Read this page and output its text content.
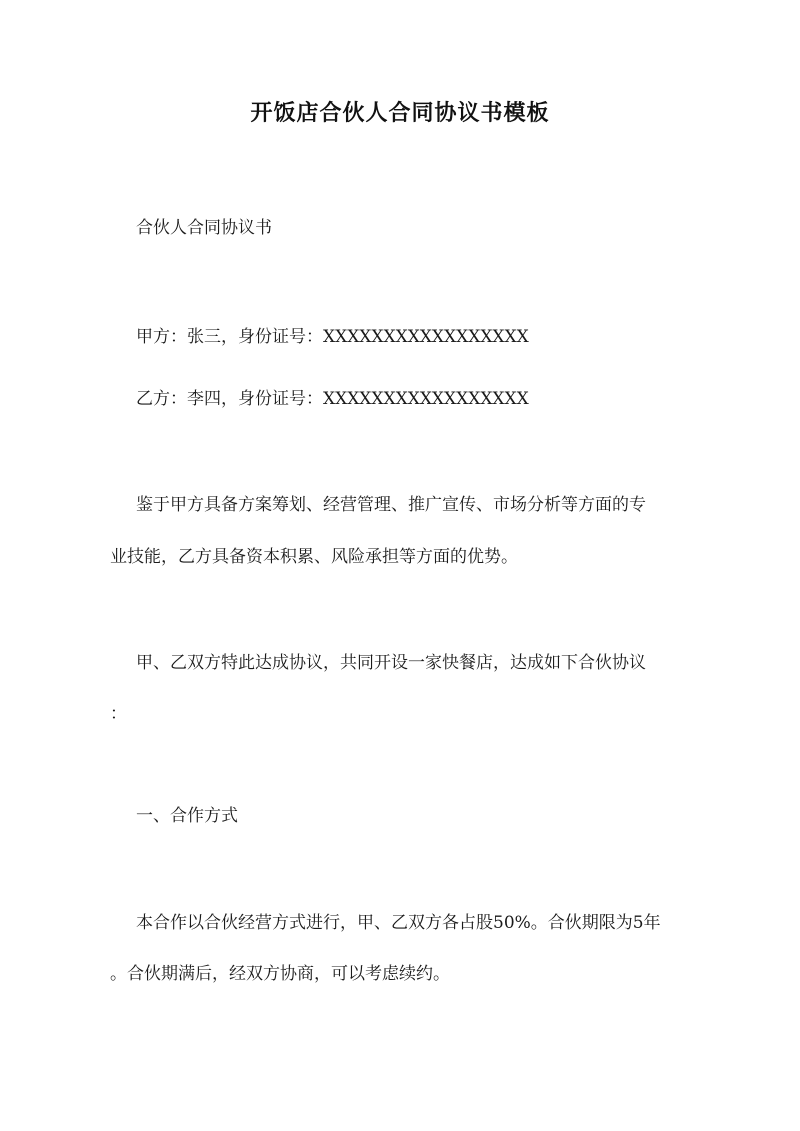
开饭店合伙人合同协议书模板
合伙人合同协议书
甲方：张三，身份证号：XXXXXXXXXXXXXXXXX
乙方：李四，身份证号：XXXXXXXXXXXXXXXXX
鉴于甲方具备方案筹划、经营管理、推广宣传、市场分析等方面的专
业技能，乙方具备资本积累、风险承担等方面的优势。
甲、乙双方特此达成协议，共同开设一家快餐店，达成如下合伙协议
：
一、合作方式
本合作以合伙经营方式进行，甲、乙双方各占股50%。合伙期限为5年
。合伙期满后，经双方协商，可以考虑续约。
